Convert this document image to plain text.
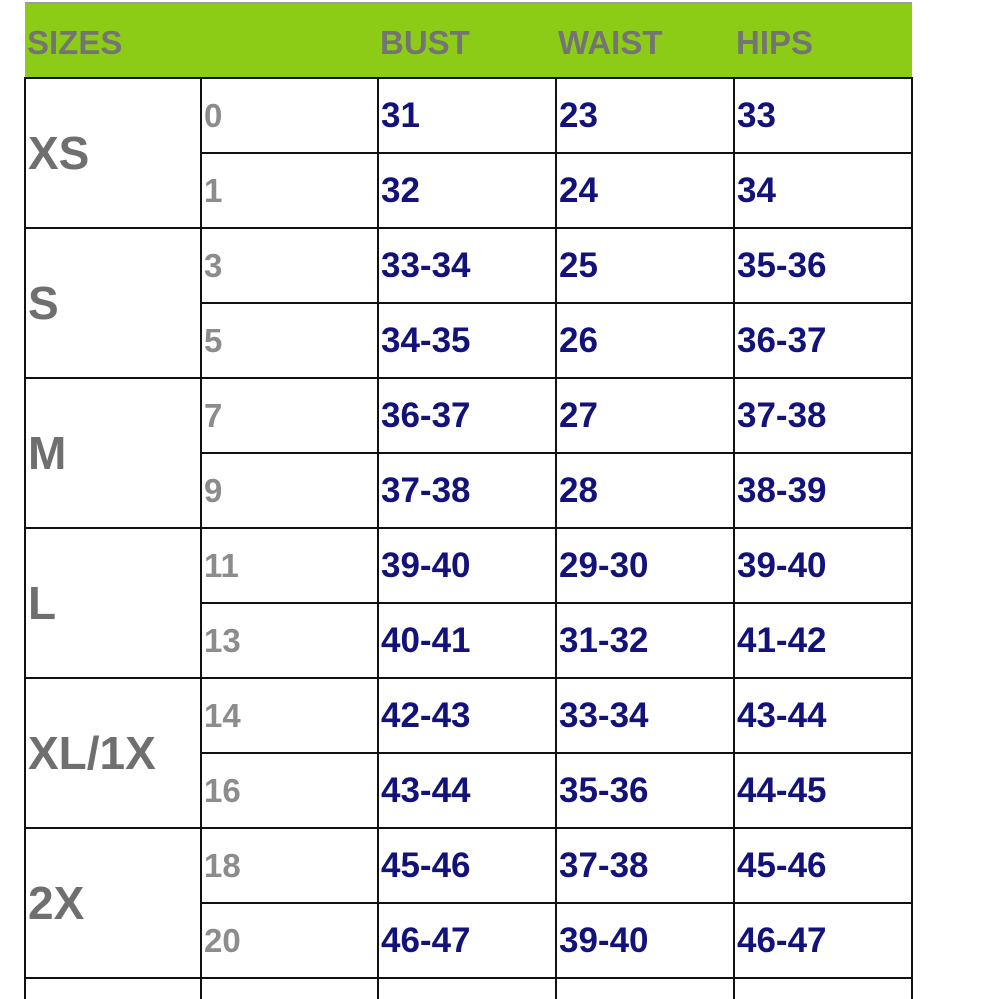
SIZES		BUST	WAIST	HIPS
XS	0	31	23	33
	1	32	24	34
S	3	33-34	25	35-36
	5	34-35	26	36-37
M	7	36-37	27	37-38
	9	37-38	28	38-39
L	11	39-40	29-30	39-40
	13	40-41	31-32	41-42
XL/1X	14	42-43	33-34	43-44
	16	43-44	35-36	44-45
2X	18	45-46	37-38	45-46
	20	46-47	39-40	46-47
